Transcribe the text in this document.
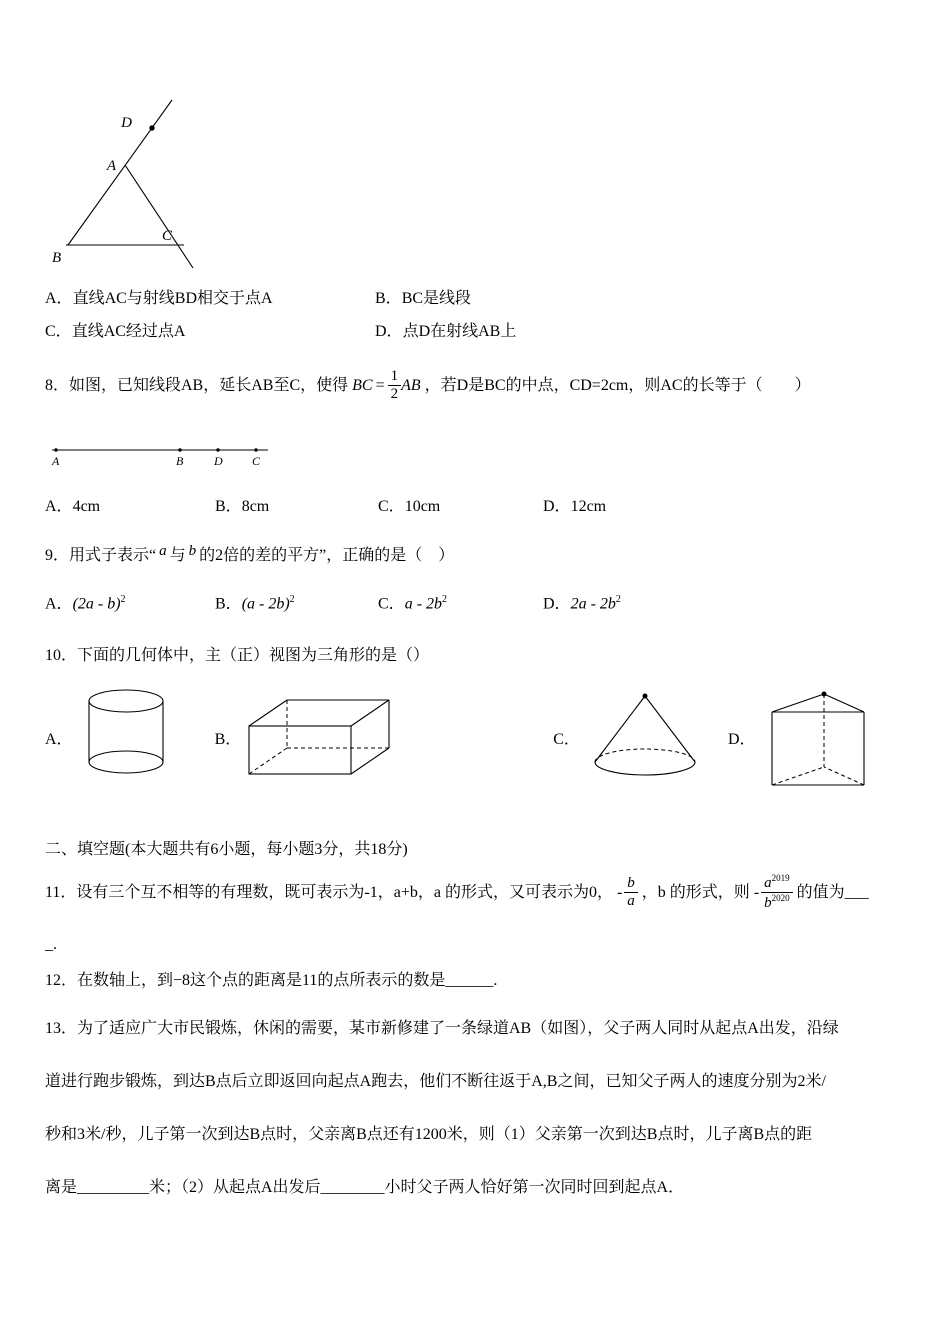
D
A
B
C
A．直线AC与射线BD相交于点A	B．BC是线段
C．直线AC经过点A	D．点D在射线AB上
8．如图，已知线段AB，延长AB至C，使得 BC = $\frac{1}{2}$ AB ，若D是BC的中点，CD=2cm，则AC的长等于（　　）
A	B	D C
A．4cm	B．8cm	C．10cm	D．12cm
9．用式子表示“ a 与 b 的2倍的差的平方”，正确的是（　）
A．(2a - b)$^2$	B．(a - 2b)$^2$	C．a - $2b^2$	D．$2a - 2b^2$
10．下面的几何体中，主（正）视图为三角形的是（）
A．	B．	C．	D．
二、填空题(本大题共有6小题，每小题3分，共18分)
11．设有三个互不相等的有理数，既可表示为-1，a+b，a 的形式，又可表示为0， - $\frac{b}{a}$ ，b 的形式，则 -
$a^{2019}$
$b^{2020}$ 的值为___
_.
12．在数轴上，到−8这个点的距离是11的点所表示的数是______.
13．为了适应广大市民锻炼，休闲的需要，某市新修建了一条绿道AB（如图），父子两人同时从起点A出发，沿绿
道进行跑步锻炼，到达B点后立即返回向起点A跑去，他们不断往返于A,B之间，已知父子两人的速度分别为2米/
秒和3米/秒，儿子第一次到达B点时，父亲离B点还有1200米，则（1）父亲第一次到达B点时，儿子离B点的距
离是_________米；（2）从起点A出发后________小时父子两人恰好第一次同时回到起点A．
